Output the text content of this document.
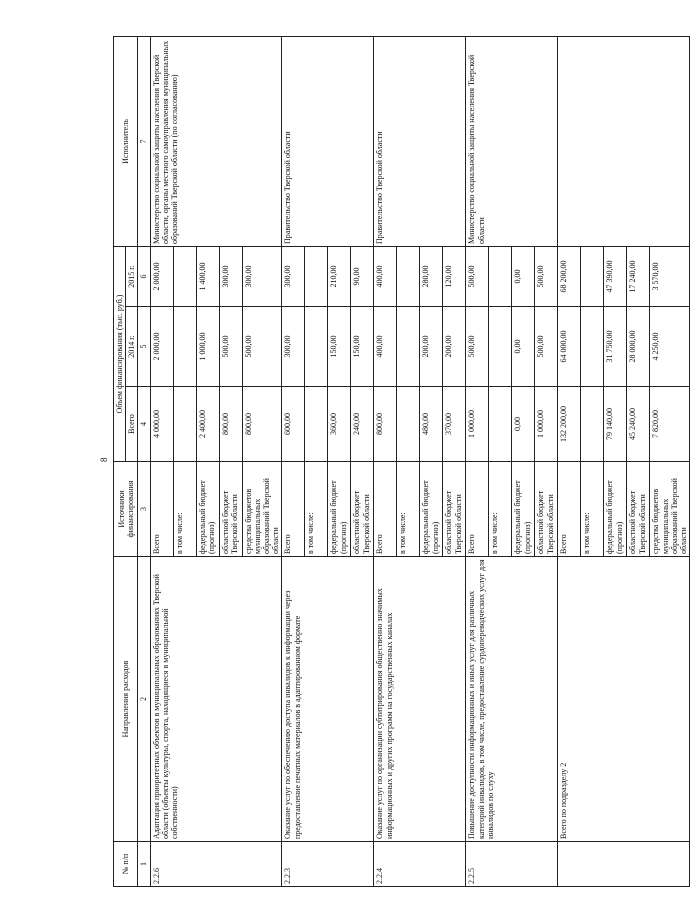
8
№ п/п	Направления расходов	Источники финансирования	Объем финансирования (тыс. руб.)			Исполнитель
			Всего	2014 г.	2015 г.	
1	2	3	4	5	6	7
2.2.6	Адаптация приоритетных объектов в муниципальных образованиях Тверской области (объекты культуры, спорта, находящиеся в муниципальной собственности)	Всего	4 000,00	2 000,00	2 000,00	Министерство социальной защиты населения Тверской области, органы местного самоуправления муниципальных образований Тверской области (по согласованию)
		в том числе:				
		федеральный бюджет (прогноз)	2 400,00	1 000,00	1 400,00	
		областной бюджет Тверской области	800,00	500,00	300,00	
		средства бюджетов муниципальных образований Тверской области	800,00	500,00	300,00	
2.2.3	Оказание услуг по обеспечению доступа инвалидов к информации через предоставление печатных материалов в адаптированном формате	Всего	600,00	300,00	300,00	Правительство Тверской области
		в том числе:				
		федеральный бюджет (прогноз)	360,00	150,00	210,00	
		областной бюджет Тверской области	240,00	150,00	90,00	
2.2.4	Оказание услуг по организации субтитрирования общественно значимых информационных и других программ на государственных каналах	Всего	800,00	400,00	400,00	Правительство Тверской области
		в том числе:				
		федеральный бюджет (прогноз)	480,00	200,00	280,00	
		областной бюджет Тверской области	370,00	200,00	120,00	
2.2.5	Повышение доступности информационных и иных услуг для различных категорий инвалидов, в том числе, предоставление сурдопереводческих услуг для инвалидов по слуху	Всего	1 000,00	500,00	500,00	Министерство социальной защиты населения Тверской области
		в том числе:				
		федеральный бюджет (прогноз)	0,00	0,00	0,00	
		областной бюджет Тверской области	1 000,00	500,00	500,00	
	Всего по подразделу 2	Всего	132 200,00	64 000,00	68 200,00	
		в том числе:				
		федеральный бюджет (прогноз)	79 140,00	31 750,00	47 390,00	
		областной бюджет Тверской области	45 240,00	28 000,00	17 240,00	
		средства бюджетов муниципальных образований Тверской области	7 820,00	4 250,00	3 570,00	
